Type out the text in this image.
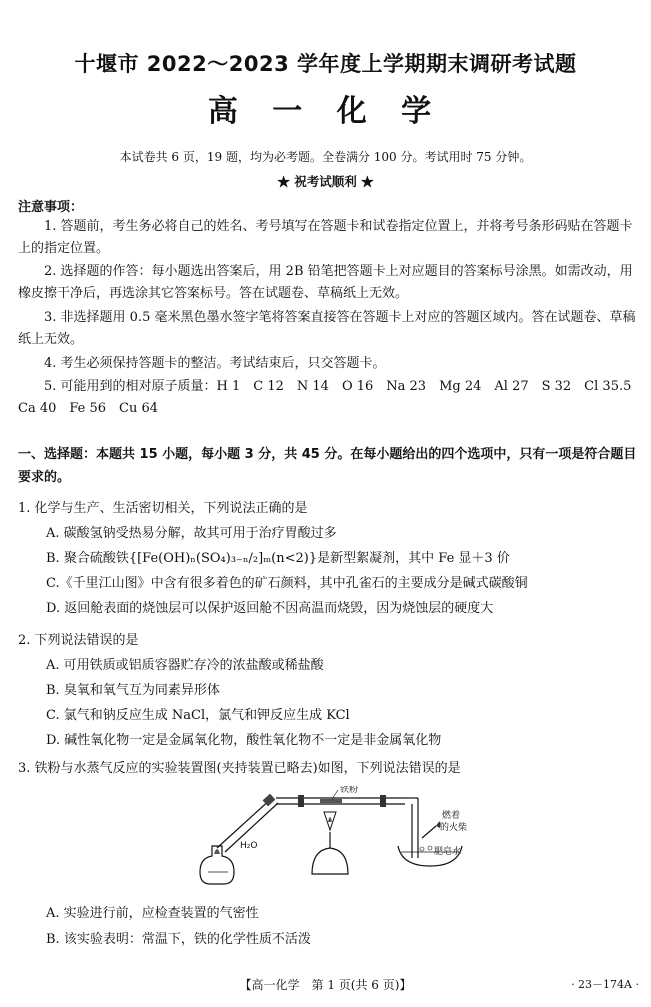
十堰市 2022～2023 学年度上学期期末调研考试题
高 一 化 学
本试卷共 6 页，19 题，均为必考题。全卷满分 100 分。考试用时 75 分钟。
★ 祝考试顺利 ★
注意事项：
1. 答题前，考生务必将自己的姓名、考号填写在答题卡和试卷指定位置上，并将考号条形码贴在答题卡上的指定位置。
2. 选择题的作答：每小题选出答案后，用 2B 铅笔把答题卡上对应题目的答案标号涂黑。如需改动，用橡皮擦干净后，再选涂其它答案标号。答在试题卷、草稿纸上无效。
3. 非选择题用 0.5 毫米黑色墨水签字笔将答案直接答在答题卡上对应的答题区域内。答在试题卷、草稿纸上无效。
4. 考生必须保持答题卡的整洁。考试结束后，只交答题卡。
5. 可能用到的相对原子质量：H 1　C 12　N 14　O 16　Na 23　Mg 24　Al 27　S 32　Cl 35.5　Ca 40　Fe 56　Cu 64
一、选择题：本题共 15 小题，每小题 3 分，共 45 分。在每小题给出的四个选项中，只有一项是符合题目要求的。
1. 化学与生产、生活密切相关，下列说法正确的是
A. 碳酸氢钠受热易分解，故其可用于治疗胃酸过多
B. 聚合硫酸铁{[Fe(OH)ₙ(SO₄)₃₋ₙ/₂]ₘ(n<2)}是新型絮凝剂，其中 Fe 显＋3 价
C.《千里江山图》中含有很多着色的矿石颜料，其中孔雀石的主要成分是碱式碳酸铜
D. 返回舱表面的烧蚀层可以保护返回舱不因高温而烧毁，因为烧蚀层的硬度大
2. 下列说法错误的是
A. 可用铁质或铝质容器贮存冷的浓盐酸或稀盐酸
B. 臭氧和氧气互为同素异形体
C. 氯气和钠反应生成 NaCl，氯气和钾反应生成 KCl
D. 碱性氧化物一定是金属氧化物，酸性氧化物不一定是非金属氧化物
3. 铁粉与水蒸气反应的实验装置图(夹持装置已略去)如图，下列说法错误的是
铁粉
H₂O
燃着
的火柴
肥皂水
A. 实验进行前，应检查装置的气密性
B. 该实验表明：常温下，铁的化学性质不活泼
【高一化学　第 1 页(共 6 页)】	· 23－174A ·
